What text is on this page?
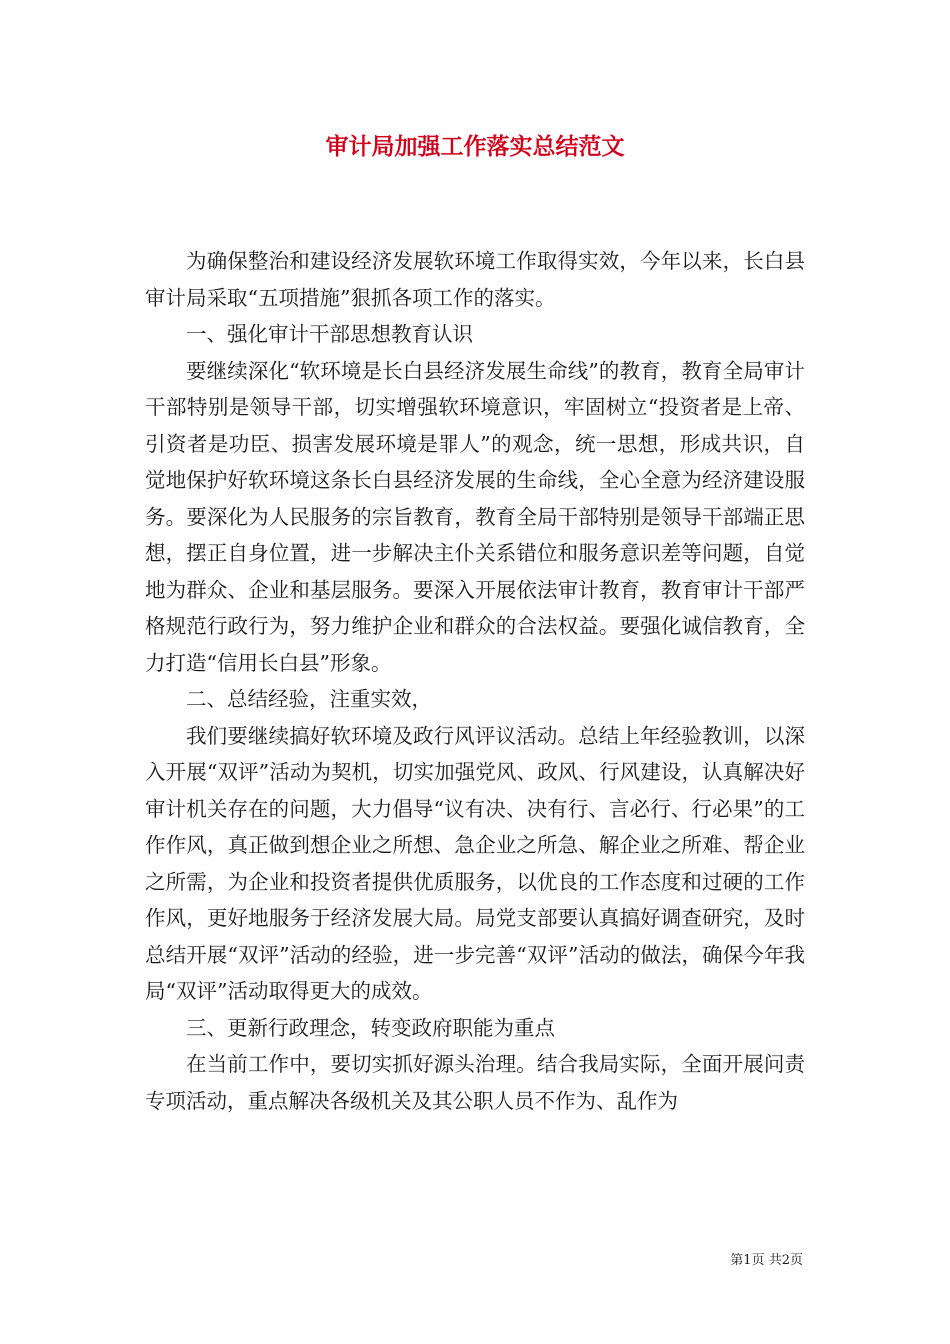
审计局加强工作落实总结范文

为确保整治和建设经济发展软环境工作取得实效，今年以来，长白县审计局采取“五项措施”狠抓各项工作的落实。

一、强化审计干部思想教育认识

要继续深化“软环境是长白县经济发展生命线”的教育，教育全局审计干部特别是领导干部，切实增强软环境意识，牢固树立“投资者是上帝、引资者是功臣、损害发展环境是罪人”的观念，统一思想，形成共识，自觉地保护好软环境这条长白县经济发展的生命线，全心全意为经济建设服务。要深化为人民服务的宗旨教育，教育全局干部特别是领导干部端正思想，摆正自身位置，进一步解决主仆关系错位和服务意识差等问题，自觉地为群众、企业和基层服务。要深入开展依法审计教育，教育审计干部严格规范行政行为，努力维护企业和群众的合法权益。要强化诚信教育，全力打造“信用长白县”形象。

二、总结经验，注重实效，

我们要继续搞好软环境及政行风评议活动。总结上年经验教训，以深入开展“双评”活动为契机，切实加强党风、政风、行风建设，认真解决好审计机关存在的问题，大力倡导“议有决、决有行、言必行、行必果”的工作作风，真正做到想企业之所想、急企业之所急、解企业之所难、帮企业之所需，为企业和投资者提供优质服务，以优良的工作态度和过硬的工作作风，更好地服务于经济发展大局。局党支部要认真搞好调查研究，及时总结开展“双评”活动的经验，进一步完善“双评”活动的做法，确保今年我局“双评”活动取得更大的成效。

三、更新行政理念，转变政府职能为重点

在当前工作中，要切实抓好源头治理。结合我局实际，全面开展问责专项活动，重点解决各级机关及其公职人员不作为、乱作为

第1页 共2页
